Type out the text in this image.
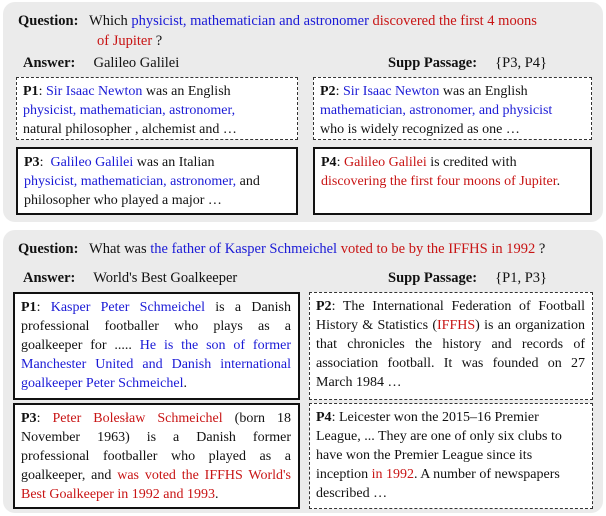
Question: Which physicist, mathematician and astronomer discovered the first 4 moons
of Jupiter ?
Answer: Galileo Galilei	Supp Passage: {P3, P4}

P1: Sir Isaac Newton was an English

physicist, mathematician, astronomer,

natural philosopher , alchemist and …

P2: Sir Isaac Newton was an English

mathematician, astronomer, and physicist

who is widely recognized as one …

P3: Galileo Galilei was an Italian

physicist, mathematician, astronomer, and

philosopher who played a major …

P4: Galileo Galilei is credited with

discovering the first four moons of Jupiter.

Question: What was the father of Kasper Schmeichel voted to be by the IFFHS in 1992 ?
Answer: World's Best Goalkeeper	Supp Passage: {P1, P3}

P1: Kasper Peter Schmeichel is a Danish professional footballer who plays as a goalkeeper for ..... He is the son of former Manchester United and Danish international goalkeeper Peter Schmeichel.

P2: The International Federation of Football History & Statistics (IFFHS) is an organization that chronicles the history and records of association football. It was founded on 27 March 1984 …

P3: Peter Bolesław Schmeichel (born 18 November 1963) is a Danish former professional footballer who played as a goalkeeper, and was voted the IFFHS World's Best Goalkeeper in 1992 and 1993.

P4: Leicester won the 2015–16 Premier League, ... They are one of only six clubs to have won the Premier League since its inception in 1992. A number of newspapers described …
